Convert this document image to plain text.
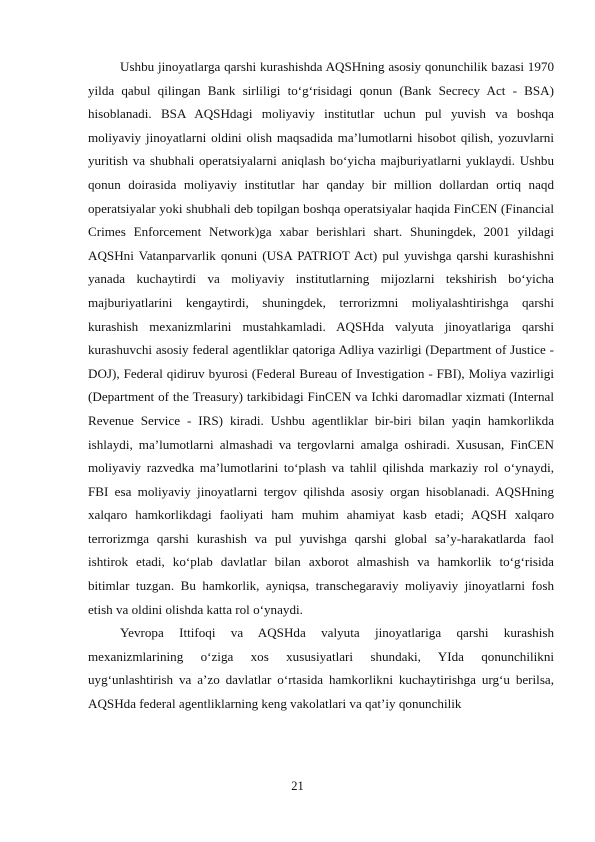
Ushbu jinoyatlarga qarshi kurashishda AQSHning asosiy qonunchilik bazasi 1970 yilda qabul qilingan Bank sirliligi to‘g‘risidagi qonun (Bank Secrecy Act - BSA) hisoblanadi. BSA AQSHdagi moliyaviy institutlar uchun pul yuvish va boshqa moliyaviy jinoyatlarni oldini olish maqsadida ma’lumotlarni hisobot qilish, yozuvlarni yuritish va shubhali operatsiyalarni aniqlash bo‘yicha majburiyatlarni yuklaydi. Ushbu qonun doirasida moliyaviy institutlar har qanday bir million dollardan ortiq naqd operatsiyalar yoki shubhali deb topilgan boshqa operatsiyalar haqida FinCEN (Financial Crimes Enforcement Network)ga xabar berishlari shart. Shuningdek, 2001 yildagi AQSHni Vatanparvarlik qonuni (USA PATRIOT Act) pul yuvishga qarshi kurashishni yanada kuchaytirdi va moliyaviy institutlarning mijozlarni tekshirish bo‘yicha majburiyatlarini kengaytirdi, shuningdek, terrorizmni moliyalashtirishga qarshi kurashish mexanizmlarini mustahkamladi. AQSHda valyuta jinoyatlariga qarshi kurashuvchi asosiy federal agentliklar qatoriga Adliya vazirligi (Department of Justice - DOJ), Federal qidiruv byurosi (Federal Bureau of Investigation - FBI), Moliya vazirligi (Department of the Treasury) tarkibidagi FinCEN va Ichki daromadlar xizmati (Internal Revenue Service - IRS) kiradi. Ushbu agentliklar bir-biri bilan yaqin hamkorlikda ishlaydi, ma’lumotlarni almashadi va tergovlarni amalga oshiradi. Xususan, FinCEN moliyaviy razvedka ma’lumotlarini to‘plash va tahlil qilishda markaziy rol o‘ynaydi, FBI esa moliyaviy jinoyatlarni tergov qilishda asosiy organ hisoblanadi. AQSHning xalqaro hamkorlikdagi faoliyati ham muhim ahamiyat kasb etadi; AQSH xalqaro terrorizmga qarshi kurashish va pul yuvishga qarshi global sa’y-harakatlarda faol ishtirok etadi, ko‘plab davlatlar bilan axborot almashish va hamkorlik to‘g‘risida bitimlar tuzgan. Bu hamkorlik, ayniqsa, transchegaraviy moliyaviy jinoyatlarni fosh etish va oldini olishda katta rol o‘ynaydi.

Yevropa Ittifoqi va AQSHda valyuta jinoyatlariga qarshi kurashish mexanizmlarining o‘ziga xos xususiyatlari shundaki, YIda qonunchilikni uyg‘unlashtirish va a’zo davlatlar o‘rtasida hamkorlikni kuchaytirishga urg‘u berilsa, AQSHda federal agentliklarning keng vakolatlari va qat’iy qonunchilik

21
